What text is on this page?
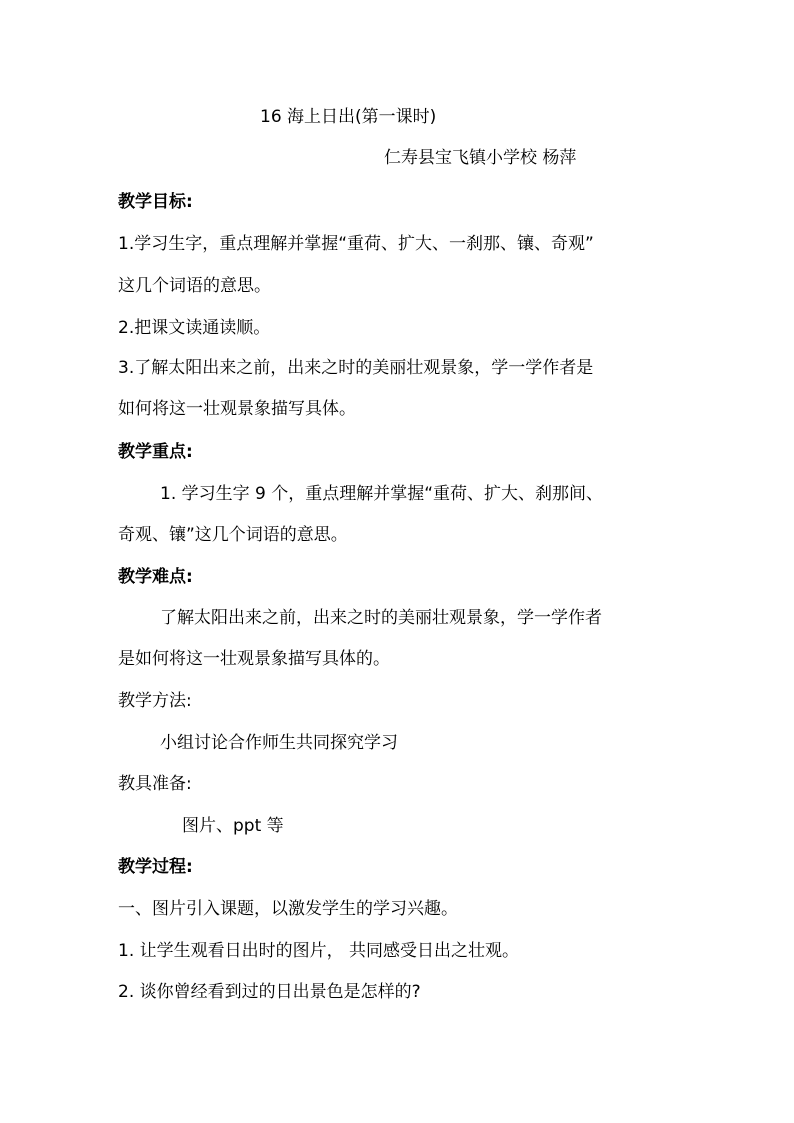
16 海上日出(第一课时)
仁寿县宝飞镇小学校 杨萍
教学目标:
1.学习生字，重点理解并掌握“重荷、扩大、一刹那、镶、奇观”
这几个词语的意思。
2.把课文读通读顺。
3.了解太阳出来之前，出来之时的美丽壮观景象，学一学作者是
如何将这一壮观景象描写具体。
教学重点:
1. 学习生字 9 个，重点理解并掌握“重荷、扩大、刹那间、
奇观、镶”这几个词语的意思。
教学难点:
了解太阳出来之前，出来之时的美丽壮观景象，学一学作者
是如何将这一壮观景象描写具体的。
教学方法:
小组讨论合作师生共同探究学习
教具准备:
图片、ppt 等
教学过程:
一、图片引入课题，以激发学生的学习兴趣。
1. 让学生观看日出时的图片， 共同感受日出之壮观。
2. 谈你曾经看到过的日出景色是怎样的?
